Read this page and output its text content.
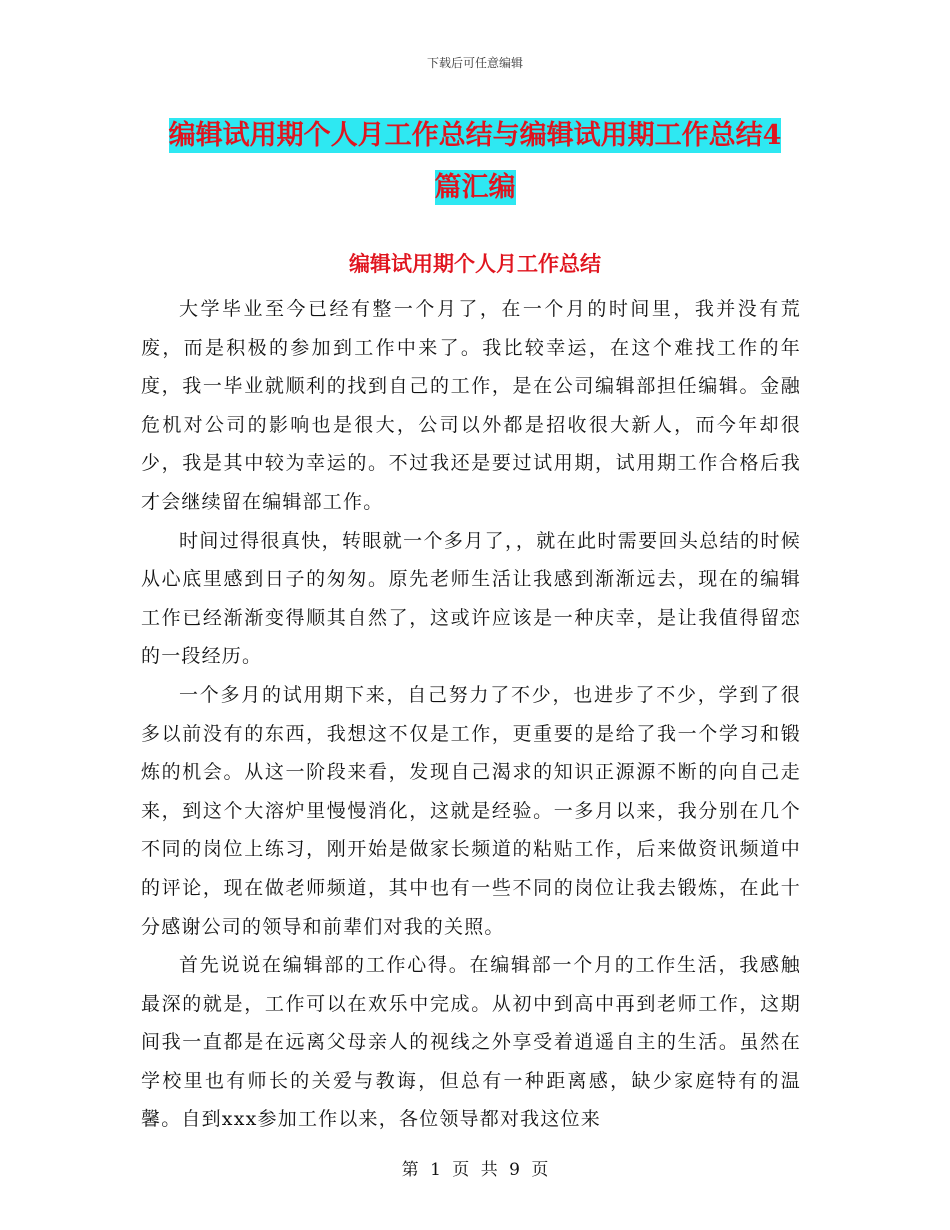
下载后可任意编辑
编辑试用期个人月工作总结与编辑试用期工作总结4
篇汇编
编辑试用期个人月工作总结

大学毕业至今已经有整一个月了，在一个月的时间里，我并没有荒废，而是积极的参加到工作中来了。我比较幸运，在这个难找工作的年度，我一毕业就顺利的找到自己的工作，是在公司编辑部担任编辑。金融危机对公司的影响也是很大，公司以外都是招收很大新人，而今年却很少，我是其中较为幸运的。不过我还是要过试用期，试用期工作合格后我才会继续留在编辑部工作。

时间过得很真快，转眼就一个多月了，，就在此时需要回头总结的时候从心底里感到日子的匆匆。原先老师生活让我感到渐渐远去，现在的编辑工作已经渐渐变得顺其自然了，这或许应该是一种庆幸，是让我值得留恋的一段经历。

一个多月的试用期下来，自己努力了不少，也进步了不少，学到了很多以前没有的东西，我想这不仅是工作，更重要的是给了我一个学习和锻炼的机会。从这一阶段来看，发现自己渴求的知识正源源不断的向自己走来，到这个大溶炉里慢慢消化，这就是经验。一多月以来，我分别在几个不同的岗位上练习，刚开始是做家长频道的粘贴工作，后来做资讯频道中的评论，现在做老师频道，其中也有一些不同的岗位让我去锻炼，在此十分感谢公司的领导和前辈们对我的关照。

首先说说在编辑部的工作心得。在编辑部一个月的工作生活，我感触最深的就是，工作可以在欢乐中完成。从初中到高中再到老师工作，这期间我一直都是在远离父母亲人的视线之外享受着逍遥自主的生活。虽然在学校里也有师长的关爱与教诲，但总有一种距离感，缺少家庭特有的温馨。自到xxx参加工作以来，各位领导都对我这位来

第 1 页 共 9 页
